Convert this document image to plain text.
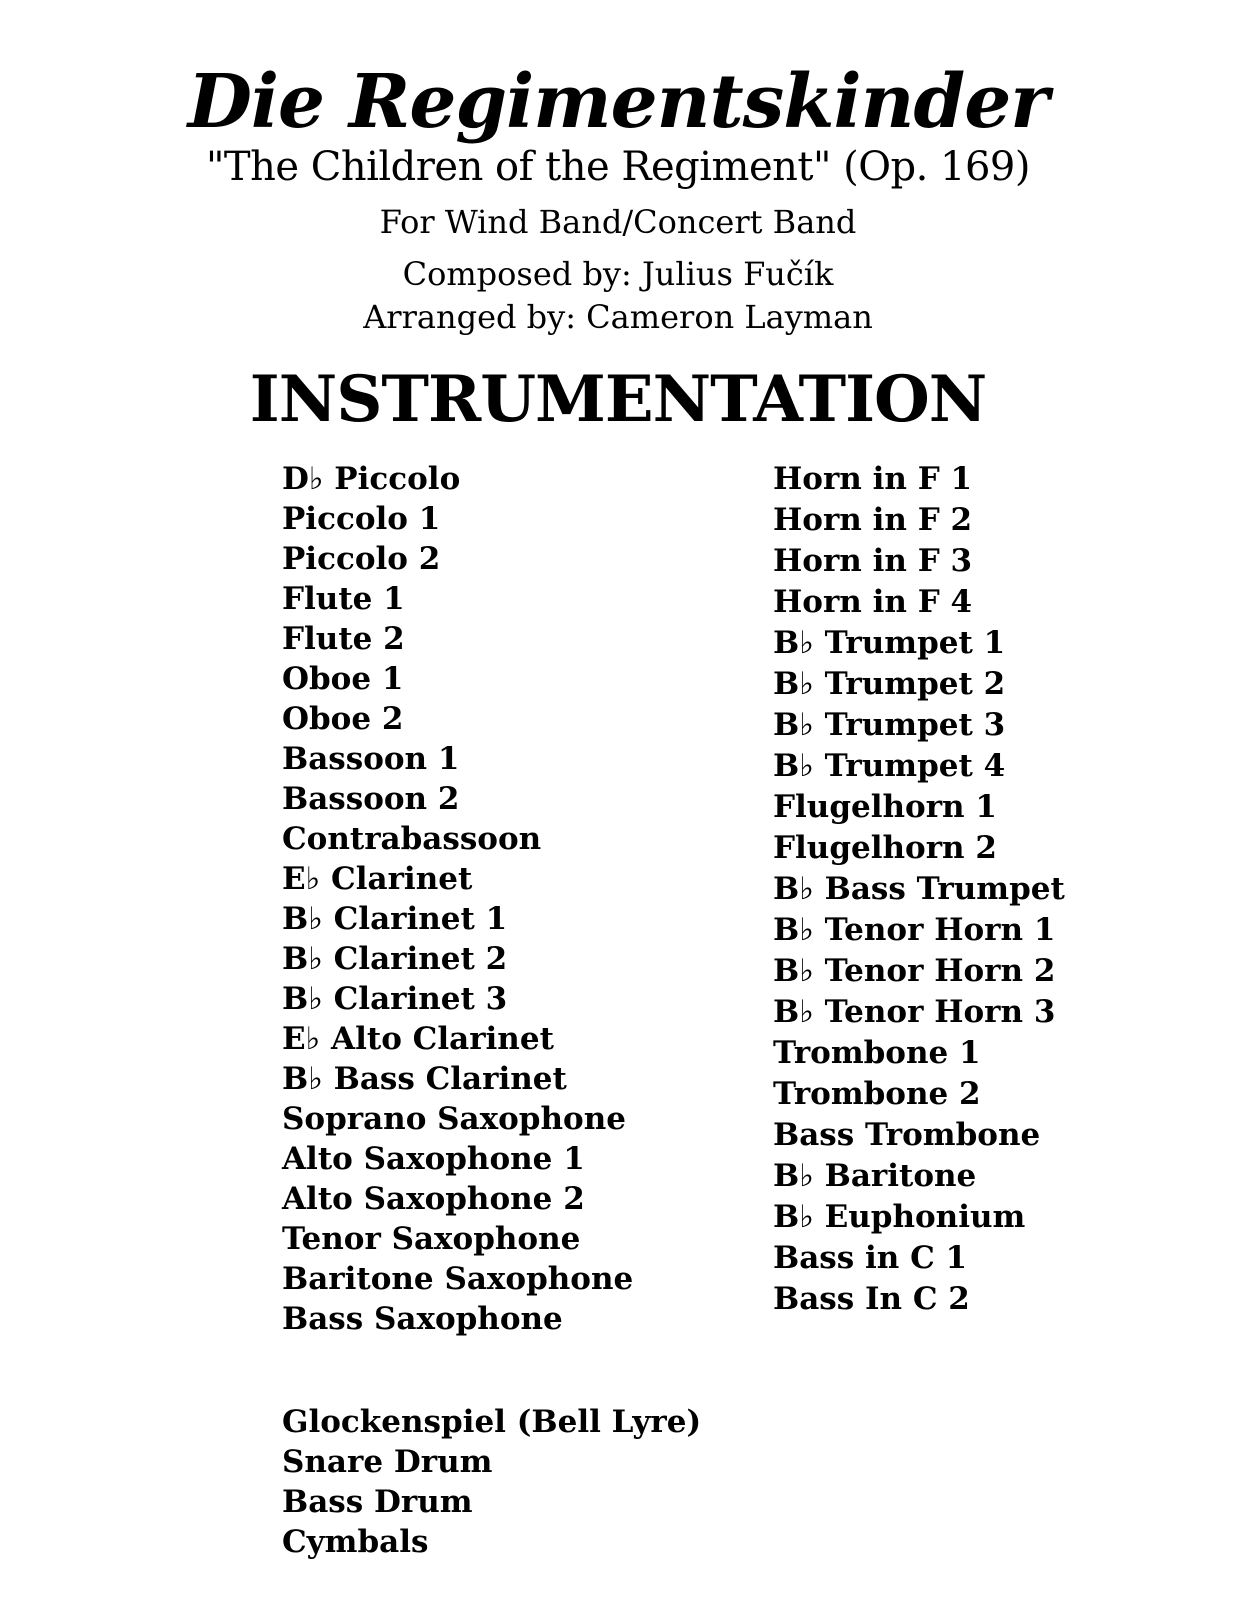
Die Regimentskinder
"The Children of the Regiment" (Op. 169)
For Wind Band/Concert Band
Composed by: Julius Fučík
Arranged by: Cameron Layman
INSTRUMENTATION
D♭ Piccolo
Piccolo 1
Piccolo 2
Flute 1
Flute 2
Oboe 1
Oboe 2
Bassoon 1
Bassoon 2
Contrabassoon
E♭ Clarinet
B♭ Clarinet 1
B♭ Clarinet 2
B♭ Clarinet 3
E♭ Alto Clarinet
B♭ Bass Clarinet
Soprano Saxophone
Alto Saxophone 1
Alto Saxophone 2
Tenor Saxophone
Baritone Saxophone
Bass Saxophone
Glockenspiel (Bell Lyre)
Snare Drum
Bass Drum
Cymbals
Horn in F 1
Horn in F 2
Horn in F 3
Horn in F 4
B♭ Trumpet 1
B♭ Trumpet 2
B♭ Trumpet 3
B♭ Trumpet 4
Flugelhorn 1
Flugelhorn 2
B♭ Bass Trumpet
B♭ Tenor Horn 1
B♭ Tenor Horn 2
B♭ Tenor Horn 3
Trombone 1
Trombone 2
Bass Trombone
B♭ Baritone
B♭ Euphonium
Bass in C 1
Bass In C 2
